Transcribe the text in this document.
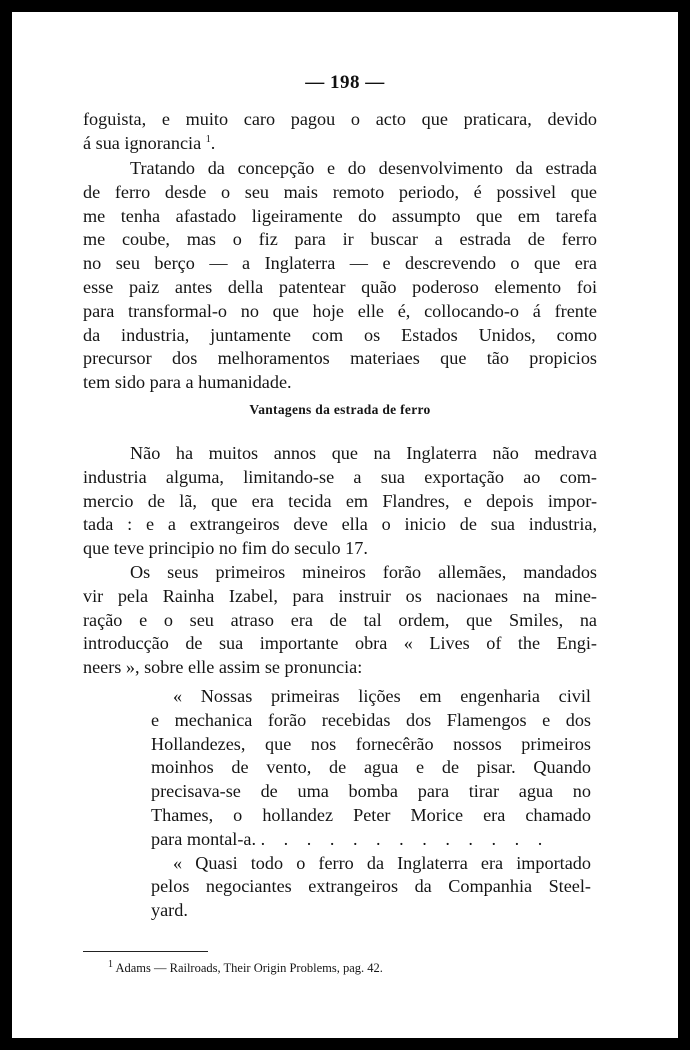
— 198 —
foguista, e muito caro pagou o acto que praticara, devido
á sua ignorancia $^1$.
Tratando da concepção e do desenvolvimento da estrada
de ferro desde o seu mais remoto periodo, é possivel que
me tenha afastado ligeiramente do assumpto que em tarefa
me coube, mas o fiz para ir buscar a estrada de ferro
no seu berço — a Inglaterra — e descrevendo o que era
esse paiz antes della patentear quão poderoso elemento foi
para transformal-o no que hoje elle é, collocando-o á frente
da industria, juntamente com os Estados Unidos, como
precursor dos melhoramentos materiaes que tão propicios
tem sido para a humanidade.
Vantagens da estrada de ferro
Não ha muitos annos que na Inglaterra não medrava
industria alguma, limitando-se a sua exportação ao com-
mercio de lã, que era tecida em Flandres, e depois impor-
tada : e a extrangeiros deve ella o inicio de sua industria,
que teve principio no fim do seculo 17.
Os seus primeiros mineiros forão allemães, mandados
vir pela Rainha Izabel, para instruir os nacionaes na mine-
ração e o seu atraso era de tal ordem, que Smiles, na
introducção de sua importante obra « Lives of the Engi-
neers », sobre elle assim se pronuncia:
« Nossas primeiras lições em engenharia civil
e mechanica forão recebidas dos Flamengos e dos
Hollandezes, que nos fornecêrão nossos primeiros
moinhos de vento, de agua e de pisar. Quando
precisava-se de uma bomba para tirar agua no
Thames, o hollandez Peter Morice era chamado
para montal-a. . . . . . . . . . . . . .
« Quasi todo o ferro da Inglaterra era importado
pelos negociantes extrangeiros da Companhia Steel-
yard.
$^1$ Adams — Railroads, Their Origin Problems, pag. 42.
